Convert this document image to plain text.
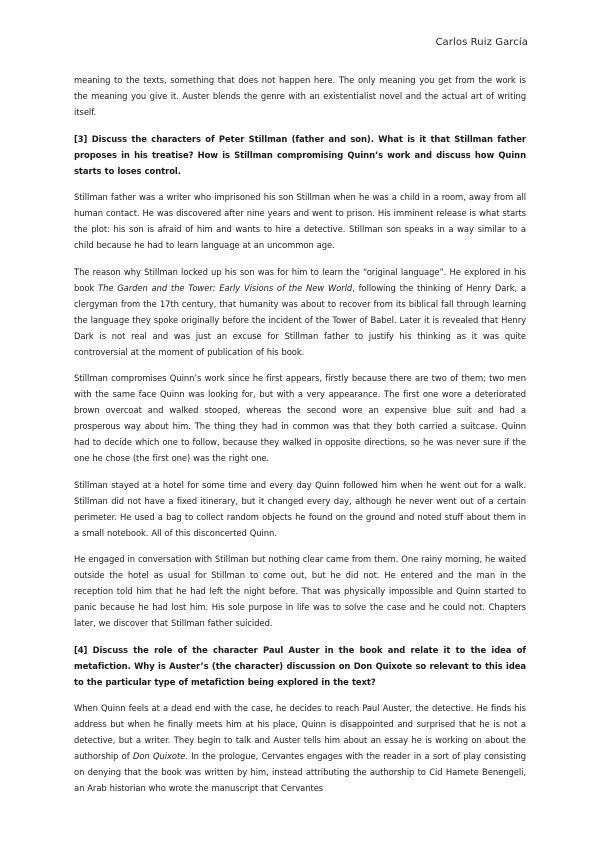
Carlos Ruiz García

meaning to the texts, something that does not happen here. The only meaning you get from the work is the meaning you give it. Auster blends the genre with an existentialist novel and the actual art of writing itself.

[3] Discuss the characters of Peter Stillman (father and son). What is it that Stillman father proposes in his treatise? How is Stillman compromising Quinn’s work and discuss how Quinn starts to loses control.

Stillman father was a writer who imprisoned his son Stillman when he was a child in a room, away from all human contact. He was discovered after nine years and went to prison. His imminent release is what starts the plot: his son is afraid of him and wants to hire a detective. Stillman son speaks in a way similar to a child because he had to learn language at an uncommon age.

The reason why Stillman locked up his son was for him to learn the “original language”. He explored in his book The Garden and the Tower: Early Visions of the New World, following the thinking of Henry Dark, a clergyman from the 17th century, that humanity was about to recover from its biblical fall through learning the language they spoke originally before the incident of the Tower of Babel. Later it is revealed that Henry Dark is not real and was just an excuse for Stillman father to justify his thinking as it was quite controversial at the moment of publication of his book.

Stillman compromises Quinn’s work since he first appears, firstly because there are two of them; two men with the same face Quinn was looking for, but with a very appearance. The first one wore a deteriorated brown overcoat and walked stooped, whereas the second wore an expensive blue suit and had a prosperous way about him. The thing they had in common was that they both carried a suitcase. Quinn had to decide which one to follow, because they walked in opposite directions, so he was never sure if the one he chose (the first one) was the right one.

Stillman stayed at a hotel for some time and every day Quinn followed him when he went out for a walk. Stillman did not have a fixed itinerary, but it changed every day, although he never went out of a certain perimeter. He used a bag to collect random objects he found on the ground and noted stuff about them in a small notebook. All of this disconcerted Quinn.

He engaged in conversation with Stillman but nothing clear came from them. One rainy morning, he waited outside the hotel as usual for Stillman to come out, but he did not. He entered and the man in the reception told him that he had left the night before. That was physically impossible and Quinn started to panic because he had lost him. His sole purpose in life was to solve the case and he could not. Chapters later, we discover that Stillman father suicided.

[4] Discuss the role of the character Paul Auster in the book and relate it to the idea of metafiction. Why is Auster’s (the character) discussion on Don Quixote so relevant to this idea to the particular type of metafiction being explored in the text?

When Quinn feels at a dead end with the case, he decides to reach Paul Auster, the detective. He finds his address but when he finally meets him at his place, Quinn is disappointed and surprised that he is not a detective, but a writer. They begin to talk and Auster tells him about an essay he is working on about the authorship of Don Quixote. In the prologue, Cervantes engages with the reader in a sort of play consisting on denying that the book was written by him, instead attributing the authorship to Cid Hamete Benengeli, an Arab historian who wrote the manuscript that Cervantes
